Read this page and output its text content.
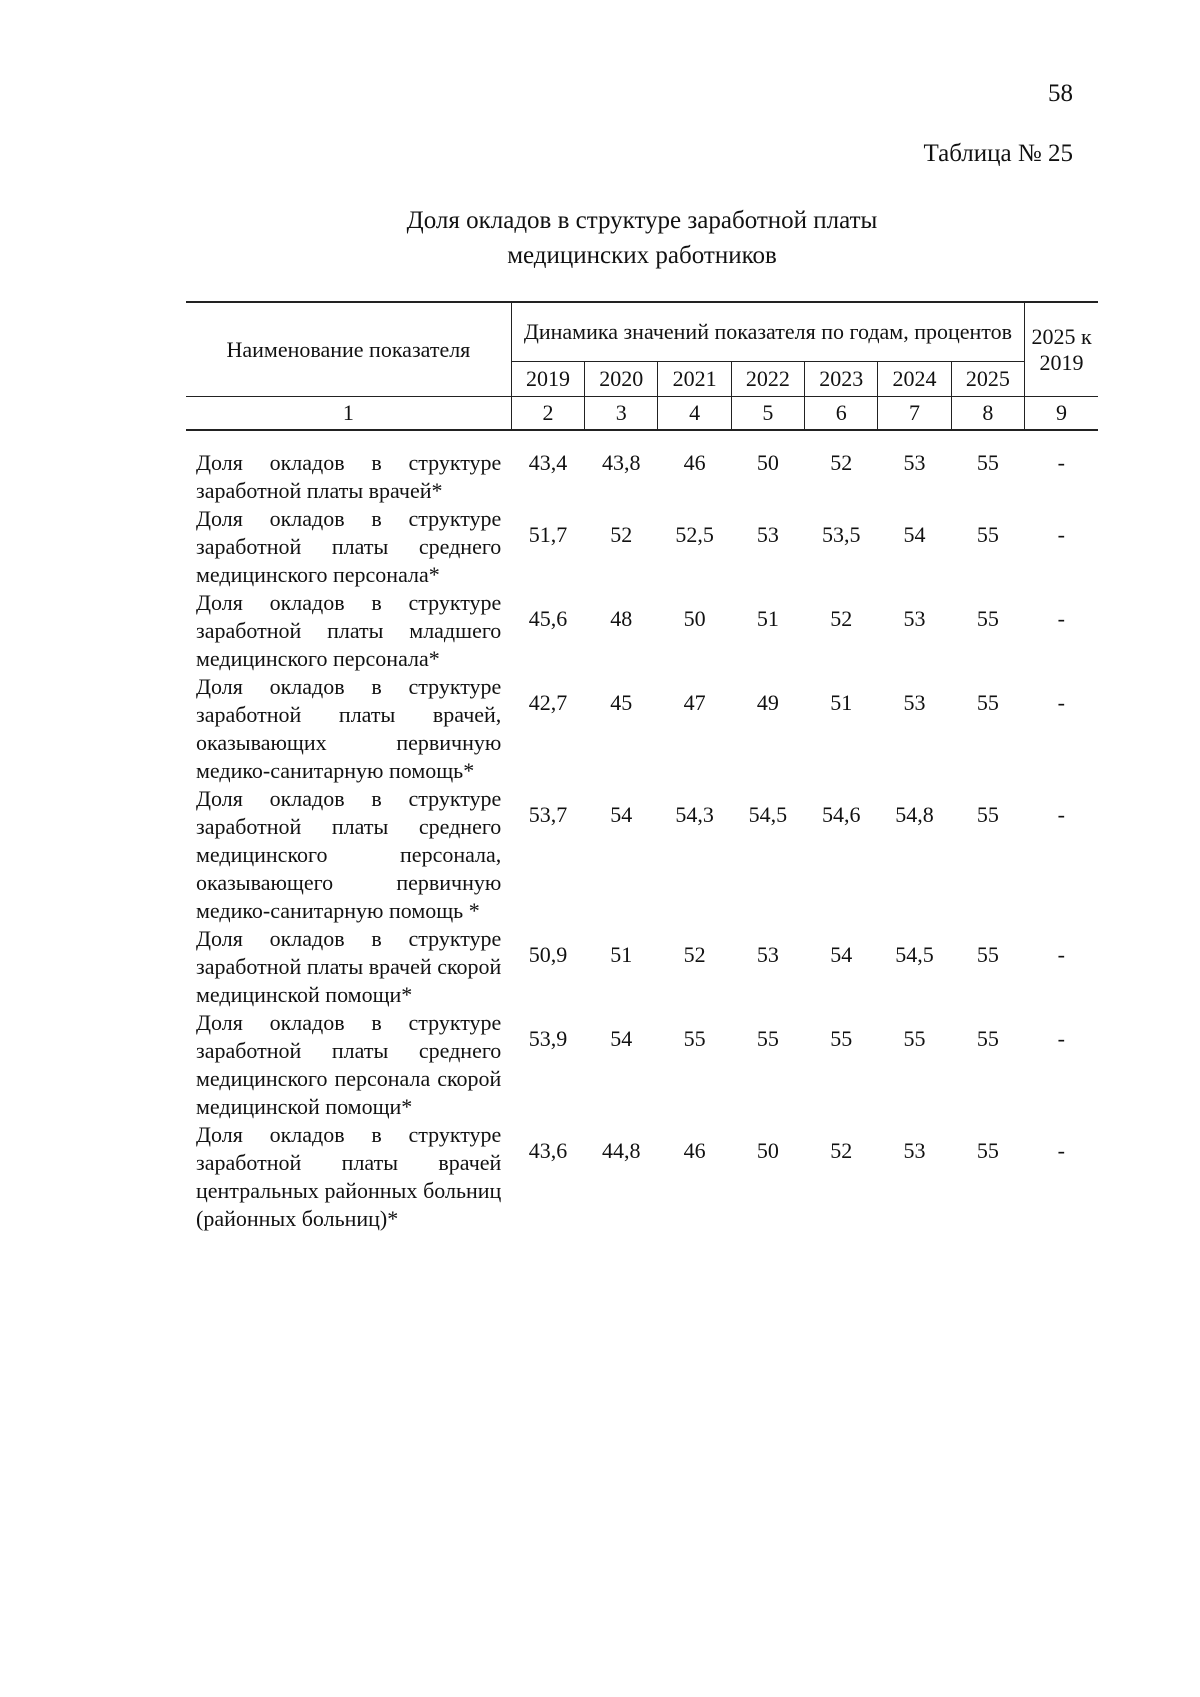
58
Таблица № 25
Доля окладов в структуре заработной платы
медицинских работников
Наименование показателя	Динамика значений показателя по годам, процентов							2025 к 2019
	2019	2020	2021	2022	2023	2024	2025	
1	2	3	4	5	6	7	8	9
Доля окладов в структуре заработной платы врачей*	43,4	43,8	46	50	52	53	55	-
Доля окладов в структуре заработной платы среднего медицинского персонала*	51,7	52	52,5	53	53,5	54	55	-
Доля окладов в структуре заработной платы младшего медицинского персонала*	45,6	48	50	51	52	53	55	-
Доля окладов в структуре заработной платы врачей, оказывающих первичную медико-санитарную помощь*	42,7	45	47	49	51	53	55	-
Доля окладов в структуре заработной платы среднего медицинского персонала, оказывающего первичную медико-санитарную помощь *	53,7	54	54,3	54,5	54,6	54,8	55	-
Доля окладов в структуре заработной платы врачей скорой медицинской помощи*	50,9	51	52	53	54	54,5	55	-
Доля окладов в структуре заработной платы среднего медицинского персонала скорой медицинской помощи*	53,9	54	55	55	55	55	55	-
Доля окладов в структуре заработной платы врачей центральных районных больниц (районных больниц)*	43,6	44,8	46	50	52	53	55	-
